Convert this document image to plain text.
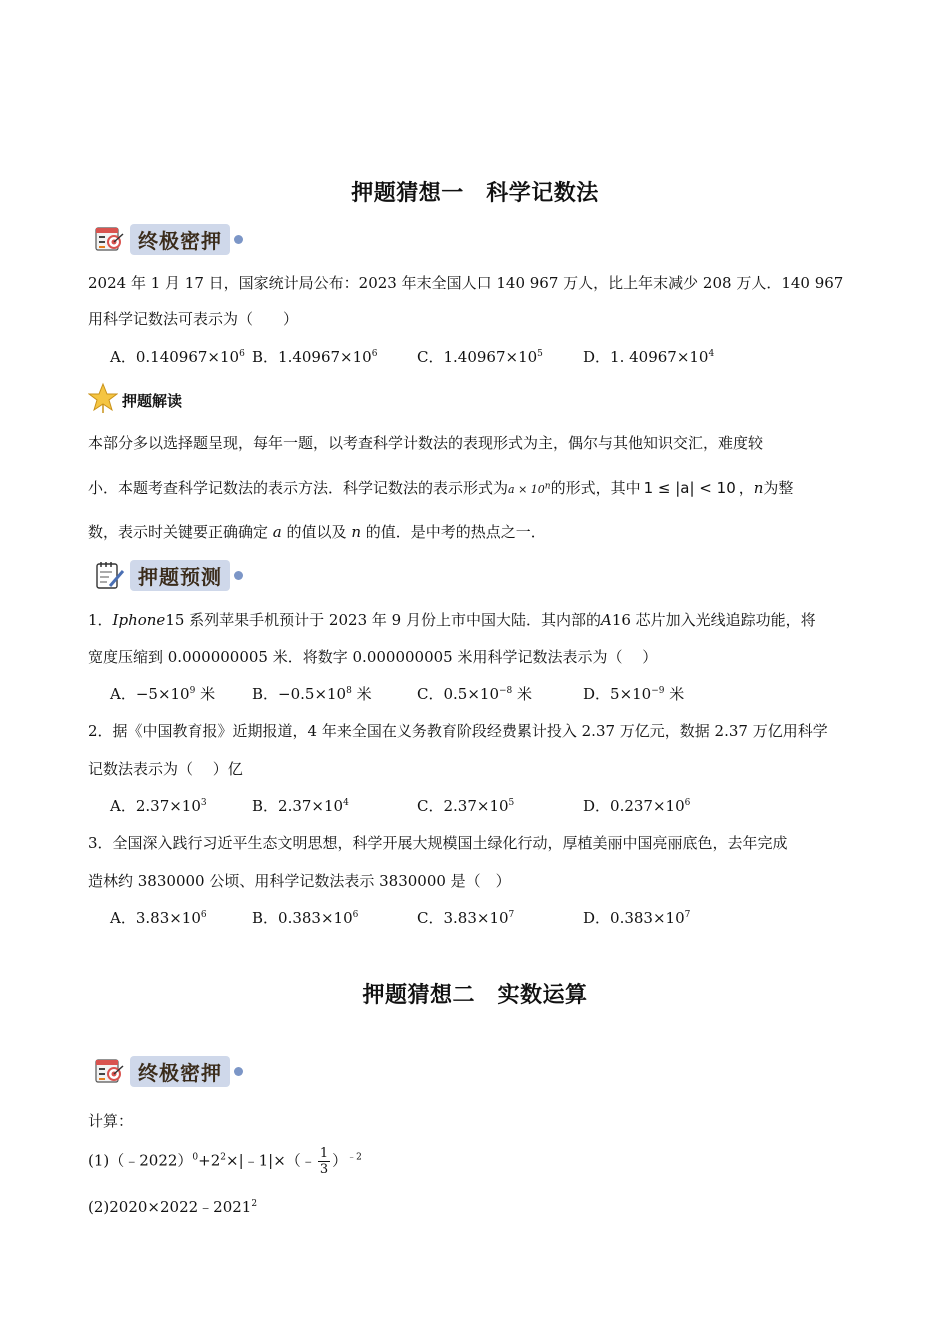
押题猜想一　科学记数法
终极密押
2024 年 1 月 17 日，国家统计局公布：2023 年末全国人口 140 967 万人，比上年末减少 208 万人．140 967
用科学记数法可表示为（　　）
A．$0.140967\times 10^6$ B．$1.40967\times 10^6$	C．$1.40967\times 10^5$	D．1. $40967\times 10^4$
押题解读
本部分多以选择题呈现，每年一题，以考查科学计数法的表现形式为主，偶尔与其他知识交汇，难度较
小．本题考查科学记数法的表示方法．科学记数法的表示形式为$a \times 10^n$的形式，其中 1 ≤ |a| < 10 ，n为整
数，表示时关键要正确确定 a 的值以及 n 的值．是中考的热点之一．
押题预测
1．Iphone15 系列苹果手机预计于 2023 年 9 月份上市中国大陆．其内部的A16 芯片加入光线追踪功能，将
宽度压缩到 0.000000005 米．将数字 0.000000005 米用科学记数法表示为（　 ）
A．$-5\times 10^9$ 米 B．$-0.5\times 10^8$ 米	C．$0.5\times 10^{-8}$ 米	D．$5\times 10^{-9}$ 米
2．据《中国教育报》近期报道，4 年来全国在义务教育阶段经费累计投入 2.37 万亿元，数据 2.37 万亿用科学
记数法表示为（　 ）亿
A．$2.37\times 10^3$	B．$2.37\times 10^4$	C．$2.37\times 10^5$	D．$0.237\times 10^6$
3．全国深入践行习近平生态文明思想，科学开展大规模国土绿化行动，厚植美丽中国亮丽底色，去年完成
造林约 3830000 公顷、用科学记数法表示 3830000 是（　）
A．$3.83\times 10^6$	B．$0.383\times 10^6$	C．$3.83\times 10^7$	D．$0.383\times 10^7$
押题猜想二　实数运算
终极密押
计算：
$(1)(﹣2022)^0+2^2\times|﹣1|\times(﹣ \frac{1}{3} )^{﹣2}$
$(2)2020\times 2022﹣2021^2$
